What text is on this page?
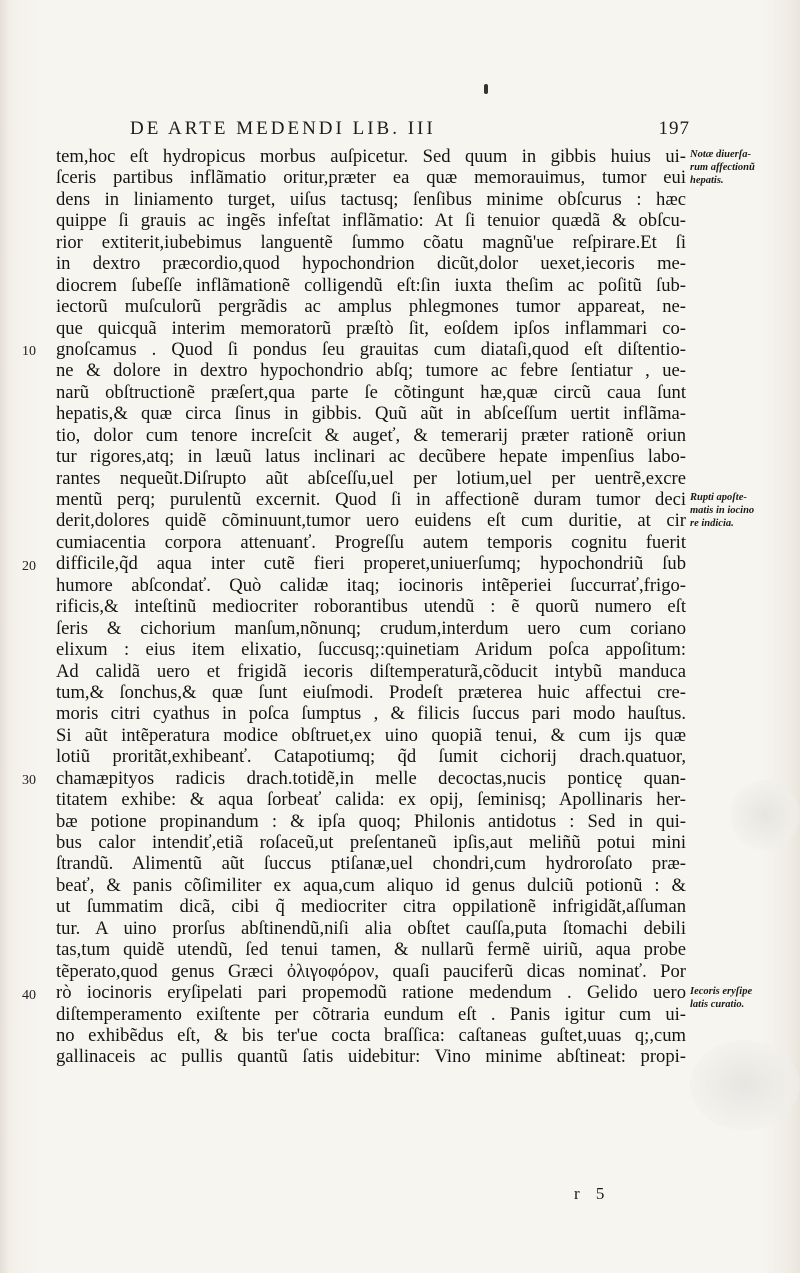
DE ARTE MEDENDI LIB. III	197
tem,hoc eſt hydropicus morbus auſpicetur. Sed quum in gibbis huius ui-
ſceris partibus inflãmatio oritur,præter ea quæ memorauimus, tumor eui
dens in liniamento turget, uiſus tactusq; ſenſibus minime obſcurus : hæc
quippe ſi grauis ac ingẽs infeſtat inflãmatio: At ſi tenuior quædã & obſcu-
rior extiterit,iubebimus languentẽ ſummo cõatu magnũ'ue reſpirare.Et ſi
in dextro præcordio,quod hypochondrion dicũt,dolor uexet,iecoris me-
diocrem ſubeſſe inflãmationẽ colligendũ eſt:ſin iuxta theſim ac poſitũ ſub-
iectorũ muſculorũ pergrãdis ac amplus phlegmones tumor appareat, ne-
que quicquã interim memoratorũ præſtò ſit, eoſdem ipſos inflammari co-
gnoſcamus . Quod ſi pondus ſeu grauitas cum diataſi,quod eſt diſtentio-
ne & dolore in dextro hypochondrio abſq; tumore ac febre ſentiatur , ue-
narũ obſtructionẽ præſert,qua parte ſe cõtingunt hæ,quæ circũ caua ſunt
hepatis,& quæ circa ſinus in gibbis. Quũ aũt in abſceſſum uertit inflãma-
tio, dolor cum tenore increſcit & augeť, & temerarij præter rationẽ oriun
tur rigores,atq; in læuũ latus inclinari ac decũbere hepate impenſius labo-
rantes nequeũt.Diſrupto aũt abſceſſu,uel per lotium,uel per uentrẽ,excre
mentũ perq; purulentũ excernit. Quod ſi in affectionẽ duram tumor deci
derit,dolores quidẽ cõminuunt,tumor uero euidens eſt cum duritie, at cir
cumiacentia corpora attenuanť. Progreſſu autem temporis cognitu fuerit
difficile,q̃d aqua inter cutẽ fieri properet,uniuerſumq; hypochondriũ ſub
humore abſcondať. Quò calidæ itaq; iocinoris intẽperiei ſuccurrať,frigo-
rificis,& inteſtinũ mediocriter roborantibus utendũ : ẽ quorũ numero eſt
ſeris & cichorium manſum,nõnunq; crudum,interdum uero cum coriano
elixum : eius item elixatio, ſuccusq;:quinetiam Aridum poſca appoſitum:
Ad calidã uero et frigidã iecoris diſtemperaturã,cõducit intybũ manduca
tum,& ſonchus,& quæ ſunt eiuſmodi. Prodeſt præterea huic affectui cre-
moris citri cyathus in poſca ſumptus , & filicis ſuccus pari modo hauſtus.
Si aũt intẽperatura modice obſtruet,ex uino quopiã tenui, & cum ijs quæ
lotiũ proritãt,exhibeanť. Catapotiumq; q̃d ſumit cichorij drach.quatuor,
chamæpityos radicis drach.totidẽ,in melle decoctas,nucis ponticę quan-
titatem exhibe: & aqua ſorbeať calida: ex opij, ſeminisq; Apollinaris her-
bæ potione propinandum : & ipſa quoq; Philonis antidotus : Sed in qui-
bus calor intendiť,etiã roſaceũ,ut preſentaneũ ipſis,aut meliñũ potui mini
ſtrandũ. Alimentũ aũt ſuccus ptiſanæ,uel chondri,cum hydroroſato præ-
beať, & panis cõſimiliter ex aqua,cum aliquo id genus dulciũ potionũ : &
ut ſummatim dicã, cibi q̃ mediocriter citra oppilationẽ infrigidãt,aſſuman
tur. A uino prorſus abſtinendũ,niſi alia obſtet cauſſa,puta ſtomachi debili
tas,tum quidẽ utendũ, ſed tenui tamen, & nullarũ fermẽ uiriũ, aqua probe
tẽperato,quod genus Græci ὀλιγοφόρον, quaſi pauciferũ dicas nominať. Por
rò iocinoris eryſipelati pari propemodũ ratione medendum . Gelido uero
diſtemperamento exiſtente per cõtraria eundum eſt . Panis igitur cum ui-
no exhibẽdus eſt, & bis ter'ue cocta braſſica: caſtaneas guſtet,uuas q;,cum
gallinaceis ac pullis quantũ ſatis uidebitur: Vino minime abſtineat: propi-
10
20
30
40
Notæ diuerſa-
rum affectionũ
hepatis.
Rupti apoſte-
matis in iocino
re indicia.
Iecoris eryſipe
latis curatio.
r 5
